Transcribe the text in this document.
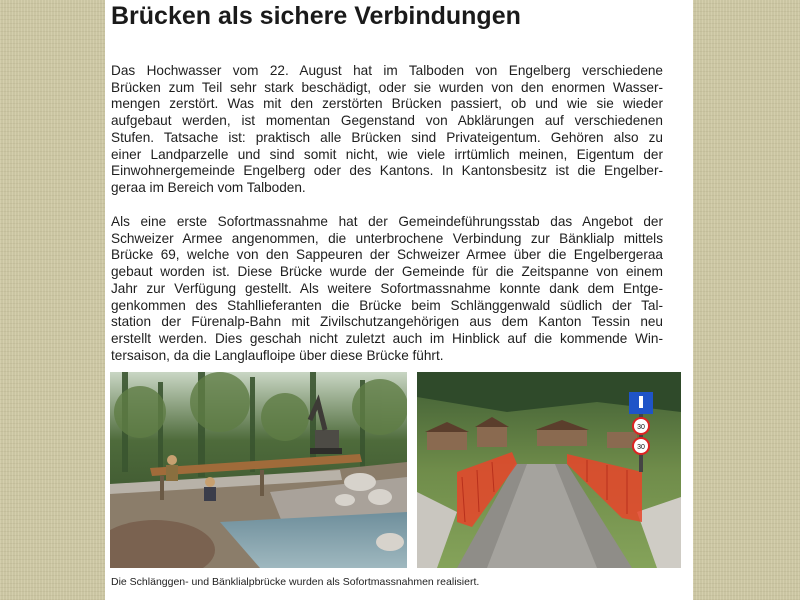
Brücken als sichere Verbindungen

Das Hochwasser vom 22. August hat im Talboden von Engelberg verschiedene
Brücken zum Teil sehr stark beschädigt, oder sie wurden von den enormen Wasser-
mengen zerstört. Was mit den zerstörten Brücken passiert, ob und wie sie wieder
aufgebaut werden, ist momentan Gegenstand von Abklärungen auf verschiedenen
Stufen. Tatsache ist: praktisch alle Brücken sind Privateigentum. Gehören also zu
einer Landparzelle und sind somit nicht, wie viele irrtümlich meinen, Eigentum der
Einwohnergemeinde Engelberg oder des Kantons. In Kantonsbesitz ist die Engelber-
geraa im Bereich vom Talboden.

Als eine erste Sofortmassnahme hat der Gemeindeführungsstab das Angebot der
Schweizer Armee angenommen, die unterbrochene Verbindung zur Bänklialp mittels
Brücke 69, welche von den Sappeuren der Schweizer Armee über die Engelbergeraa
gebaut worden ist. Diese Brücke wurde der Gemeinde für die Zeitspanne von einem
Jahr zur Verfügung gestellt. Als weitere Sofortmassnahme konnte dank dem Entge-
genkommen des Stahllieferanten die Brücke beim Schlänggenwald südlich der Tal-
station der Fürenalp-Bahn mit Zivilschutzangehörigen aus dem Kanton Tessin neu
erstellt werden. Dies geschah nicht zuletzt auch im Hinblick auf die kommende Win-
tersaison, da die Langlaufloipe über diese Brücke führt.

30
30

Die Schlänggen- und Bänklialpbrücke wurden als Sofortmassnahmen realisiert.
